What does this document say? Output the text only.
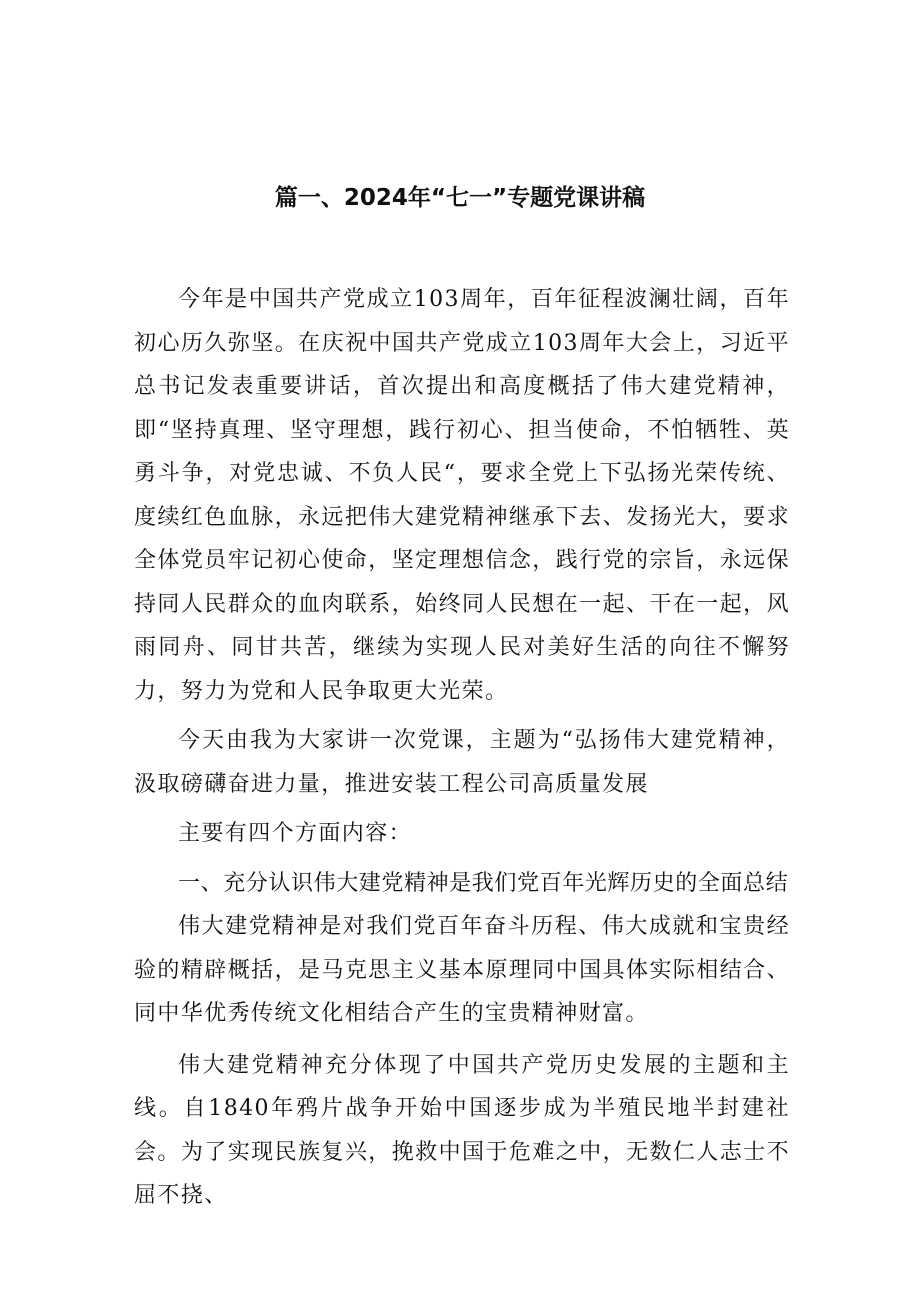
篇一、2024年“七一”专题党课讲稿

今年是中国共产党成立103周年，百年征程波澜壮阔，百年初心历久弥坚。在庆祝中国共产党成立103周年大会上，习近平总书记发表重要讲话，首次提出和高度概括了伟大建党精神，即“坚持真理、坚守理想，践行初心、担当使命，不怕牺牲、英勇斗争，对党忠诚、不负人民“，要求全党上下弘扬光荣传统、度续红色血脉，永远把伟大建党精神继承下去、发扬光大，要求全体党员牢记初心使命，坚定理想信念，践行党的宗旨，永远保持同人民群众的血肉联系，始终同人民想在一起、干在一起，风雨同舟、同甘共苦，继续为实现人民对美好生活的向往不懈努力，努力为党和人民争取更大光荣。

今天由我为大家讲一次党课，主题为“弘扬伟大建党精神，汲取磅礴奋进力量，推进安装工程公司高质量发展

主要有四个方面内容：

一、充分认识伟大建党精神是我们党百年光辉历史的全面总结

伟大建党精神是对我们党百年奋斗历程、伟大成就和宝贵经验的精辟概括，是马克思主义基本原理同中国具体实际相结合、同中华优秀传统文化相结合产生的宝贵精神财富。

伟大建党精神充分体现了中国共产党历史发展的主题和主线。自1840年鸦片战争开始中国逐步成为半殖民地半封建社会。为了实现民族复兴，挽救中国于危难之中，无数仁人志士不屈不挠、
